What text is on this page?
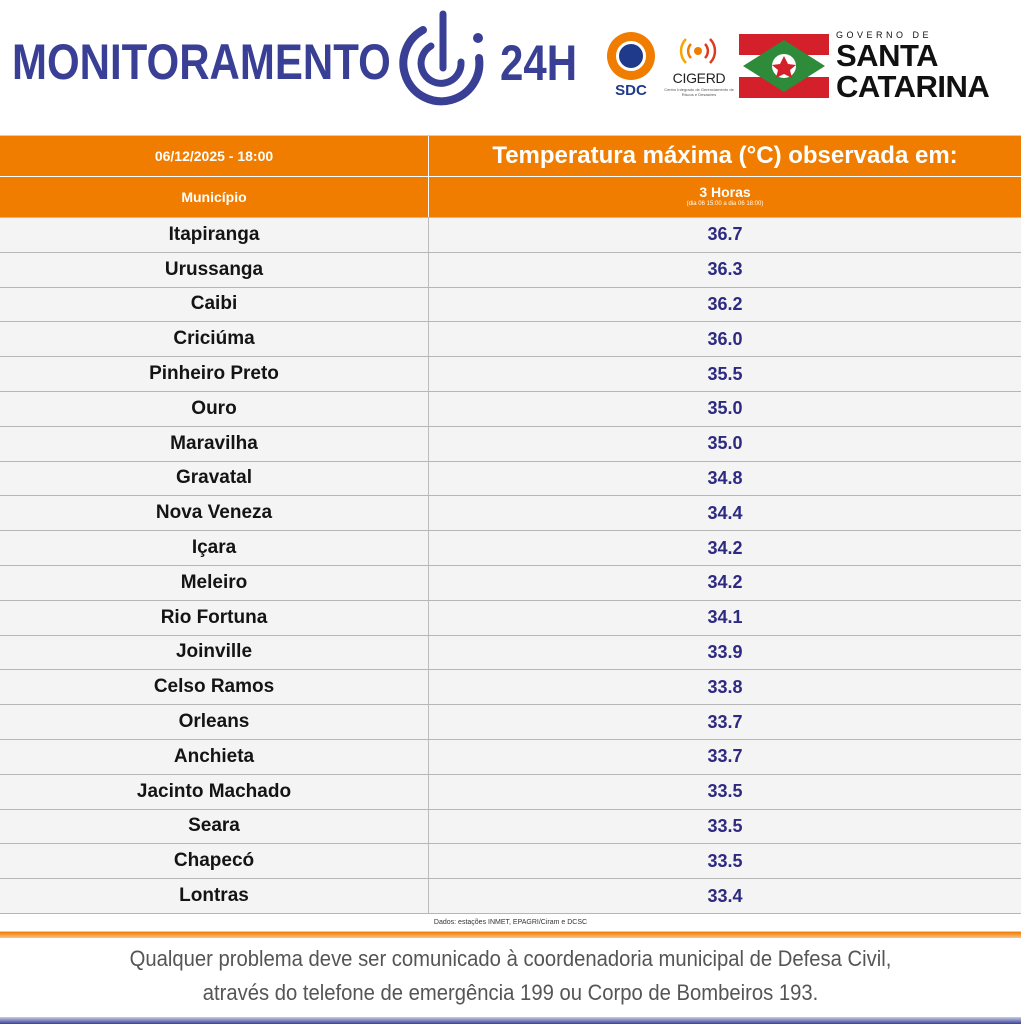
MONITORAMENTO 24H	SDC
CIGERD
Centro Integrado de Gerenciamento de Riscos e Desastres
GOVERNO DE
SANTA
CATARINA
06/12/2025 - 18:00	Temperatura máxima (°C) observada em:
Município	3 Horas
(dia 06 15:00 a dia 06 18:00)
Itapiranga	36.7
Urussanga	36.3
Caibi	36.2
Criciúma	36.0
Pinheiro Preto	35.5
Ouro	35.0
Maravilha	35.0
Gravatal	34.8
Nova Veneza	34.4
Içara	34.2
Meleiro	34.2
Rio Fortuna	34.1
Joinville	33.9
Celso Ramos	33.8
Orleans	33.7
Anchieta	33.7
Jacinto Machado	33.5
Seara	33.5
Chapecó	33.5
Lontras	33.4
Dados: estações INMET, EPAGRI/Ciram e DCSC
Qualquer problema deve ser comunicado à coordenadoria municipal de Defesa Civil,
através do telefone de emergência 199 ou Corpo de Bombeiros 193.
